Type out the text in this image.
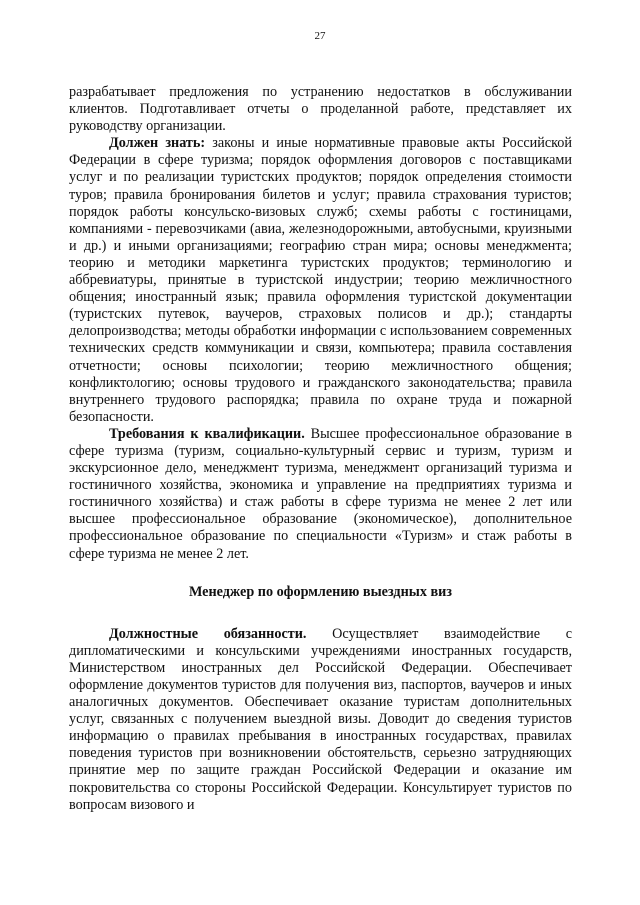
27

разрабатывает предложения по устранению недостатков в обслуживании клиентов. Подготавливает отчеты о проделанной работе, представляет их руководству организации.

Должен знать: законы и иные нормативные правовые акты Российской Федерации в сфере туризма; порядок оформления договоров с поставщиками услуг и по реализации туристских продуктов; порядок определения стоимости туров; правила бронирования билетов и услуг; правила страхования туристов; порядок работы консульско-визовых служб; схемы работы с гостиницами, компаниями - перевозчиками (авиа, железнодорожными, автобусными, круизными и др.) и иными организациями; географию стран мира; основы менеджмента; теорию и методики маркетинга туристских продуктов; терминологию и аббревиатуры, принятые в туристской индустрии; теорию межличностного общения; иностранный язык; правила оформления туристской документации (туристских путевок, ваучеров, страховых полисов и др.); стандарты делопроизводства; методы обработки информации с использованием современных технических средств коммуникации и связи, компьютера; правила составления отчетности; основы психологии; теорию межличностного общения; конфликтологию; основы трудового и гражданского законодательства; правила внутреннего трудового распорядка; правила по охране труда и пожарной безопасности.

Требования к квалификации. Высшее профессиональное образование в сфере туризма (туризм, социально-культурный сервис и туризм, туризм и экскурсионное дело, менеджмент туризма, менеджмент организаций туризма и гостиничного хозяйства, экономика и управление на предприятиях туризма и гостиничного хозяйства) и стаж работы в сфере туризма не менее 2 лет или высшее профессиональное образование (экономическое), дополнительное профессиональное образование по специальности «Туризм» и стаж работы в сфере туризма не менее 2 лет.

Менеджер по оформлению выездных виз

Должностные обязанности. Осуществляет взаимодействие с дипломатическими и консульскими учреждениями иностранных государств, Министерством иностранных дел Российской Федерации. Обеспечивает оформление документов туристов для получения виз, паспортов, ваучеров и иных аналогичных документов. Обеспечивает оказание туристам дополнительных услуг, связанных с получением выездной визы. Доводит до сведения туристов информацию о правилах пребывания в иностранных государствах, правилах поведения туристов при возникновении обстоятельств, серьезно затрудняющих принятие мер по защите граждан Российской Федерации и оказание им покровительства со стороны Российской Федерации. Консультирует туристов по вопросам визового и
